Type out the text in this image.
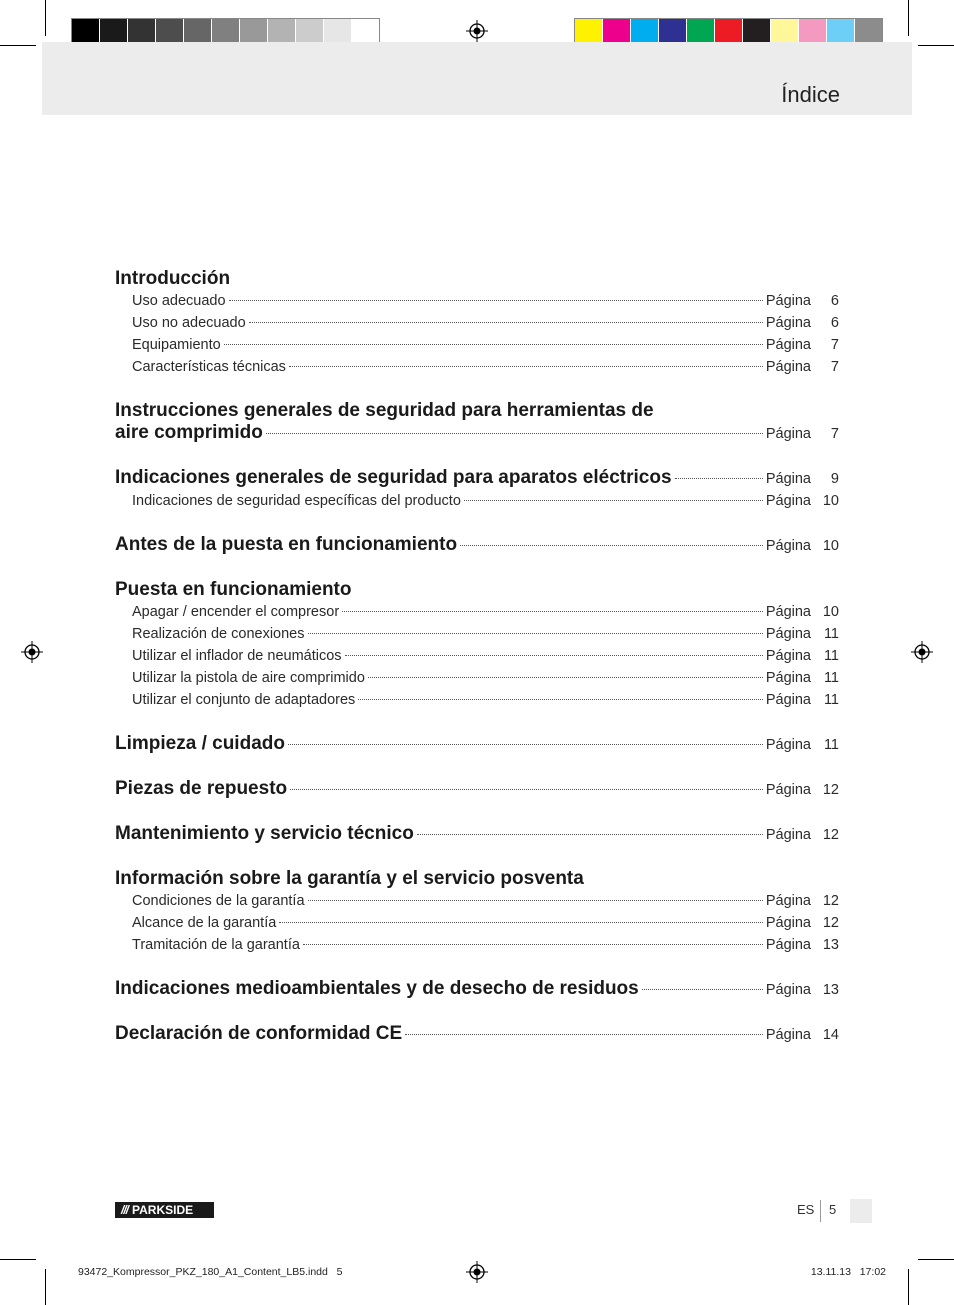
Índice
Introducción
Uso adecuado	Página 6
Uso no adecuado	Página 6
Equipamiento	Página 7
Características técnicas	Página 7
Instrucciones generales de seguridad para herramientas de
aire comprimido	Página 7
Indicaciones generales de seguridad para aparatos eléctricos	Página 9
Indicaciones de seguridad específicas del producto	Página 10
Antes de la puesta en funcionamiento	Página 10
Puesta en funcionamiento
Apagar / encender el compresor	Página 10
Realización de conexiones	Página 11
Utilizar el inflador de neumáticos	Página 11
Utilizar la pistola de aire comprimido	Página 11
Utilizar el conjunto de adaptadores	Página 11
Limpieza / cuidado	Página 11
Piezas de repuesto	Página 12
Mantenimiento y servicio técnico	Página 12
Información sobre la garantía y el servicio posventa
Condiciones de la garantía	Página 12
Alcance de la garantía	Página 12
Tramitación de la garantía	Página 13
Indicaciones medioambientales y de desecho de residuos	Página 13
Declaración de conformidad CE	Página 14
/// PARKSIDE	ES 5
93472_Kompressor_PKZ_180_A1_Content_LB5.indd   5	13.11.13   17:02
